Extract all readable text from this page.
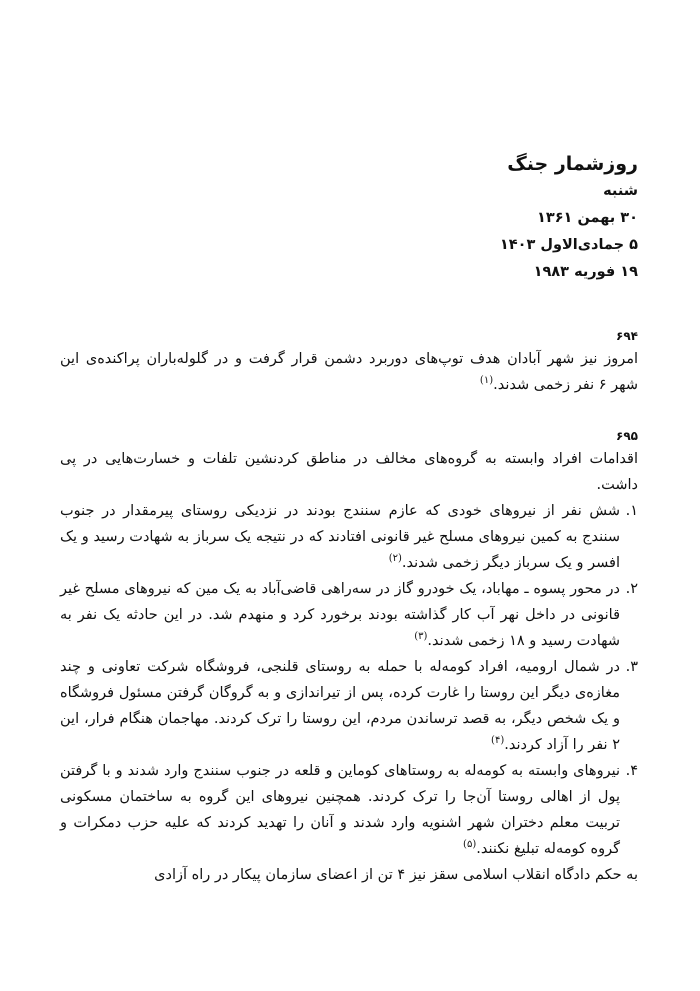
روزشمار جنگ

شنبه

۳۰ بهمن ۱۳۶۱

۵ جمادی‌الاول ۱۴۰۳

۱۹ فوریه ۱۹۸۳

۶۹۴

امروز نیز شهر آبادان هدف توپ‌های دوربرد دشمن قرار گرفت و در گلوله‌باران پراکنده‌ی این شهر ۶ نفر زخمی شدند.$^{(۱)}$

۶۹۵

اقدامات افراد وابسته به گروه‌های مخالف در مناطق کردنشین تلفات و خسارت‌هایی در پی داشت.

۱.
شش نفر از نیروهای خودی که عازم سنندج بودند در نزدیکی روستای پیرمقدار در جنوب سنندج به کمین نیروهای مسلح غیر قانونی افتادند که در نتیجه یک سرباز به شهادت رسید و یک افسر و یک سرباز دیگر زخمی شدند.$^{(۲)}$
۲.
در محور پسوه ـ مهاباد، یک خودرو گاز در سه‌راهی قاضی‌آباد به یک مین که نیروهای مسلح غیر قانونی در داخل نهر آب کار گذاشته بودند برخورد کرد و منهدم شد. در این حادثه یک نفر به شهادت رسید و ۱۸ زخمی شدند.$^{(۳)}$
۳.
در شمال ارومیه، افراد کومه‌له با حمله به روستای قلنجی، فروشگاه شرکت تعاونی و چند مغازه‌ی دیگر این روستا را غارت کرده، پس از تیراندازی و به گروگان گرفتن مسئول فروشگاه و یک شخص دیگر، به قصد ترساندن مردم، این روستا را ترک کردند. مهاجمان هنگام فرار، این ۲ نفر را آزاد کردند.$^{(۴)}$
۴.
نیروهای وابسته به کومه‌له به روستاهای کوماین و قلعه در جنوب سنندج وارد شدند و با گرفتن پول از اهالی روستا آن‌جا را ترک کردند. همچنین نیروهای این گروه به ساختمان مسکونی تربیت معلم دختران شهر اشنویه وارد شدند و آنان را تهدید کردند که علیه حزب دمکرات و گروه کومه‌له تبلیغ نکنند.$^{(۵)}$

به حکم دادگاه انقلاب اسلامی سقز نیز ۴ تن از اعضای سازمان پیکار در راه آزادی
